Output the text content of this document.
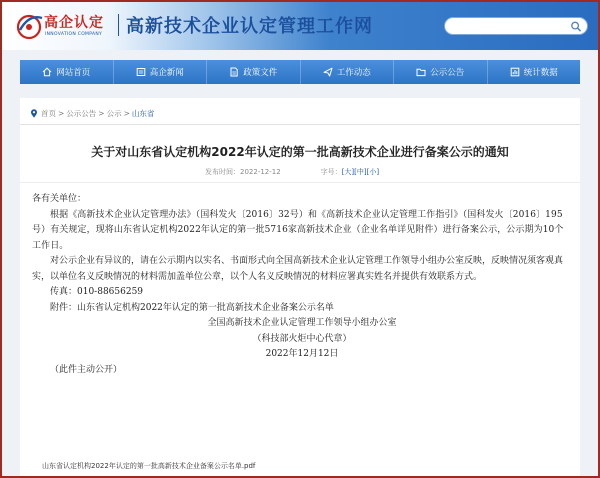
高企认定
INNOVATION COMPANY 高新技术企业认定管理工作网
网站首页	高企新闻	政策文件	工作动态	公示公告	统计数据
首页 > 公示公告 > 公示 > 山东省
关于对山东省认定机构2022年认定的第一批高新技术企业进行备案公示的通知
发布时间：2022-12-12	字号：[大][中][小]

各有关单位：

根据《高新技术企业认定管理办法》（国科发火〔2016〕32号）和《高新技术企业认定管理工作指引》（国科发火〔2016〕195号）有关规定，现将山东省认定机构2022年认定的第一批5716家高新技术企业（企业名单详见附件）进行备案公示，公示期为10个工作日。

对公示企业有异议的，请在公示期内以实名、书面形式向全国高新技术企业认定管理工作领导小组办公室反映，反映情况须客观真实，以单位名义反映情况的材料需加盖单位公章，以个人名义反映情况的材料应署真实姓名并提供有效联系方式。

传真：010-88656259

附件：山东省认定机构2022年认定的第一批高新技术企业备案公示名单

全国高新技术企业认定管理工作领导小组办公室

（科技部火炬中心代章）

2022年12月12日

（此件主动公开）

山东省认定机构2022年认定的第一批高新技术企业备案公示名单.pdf
